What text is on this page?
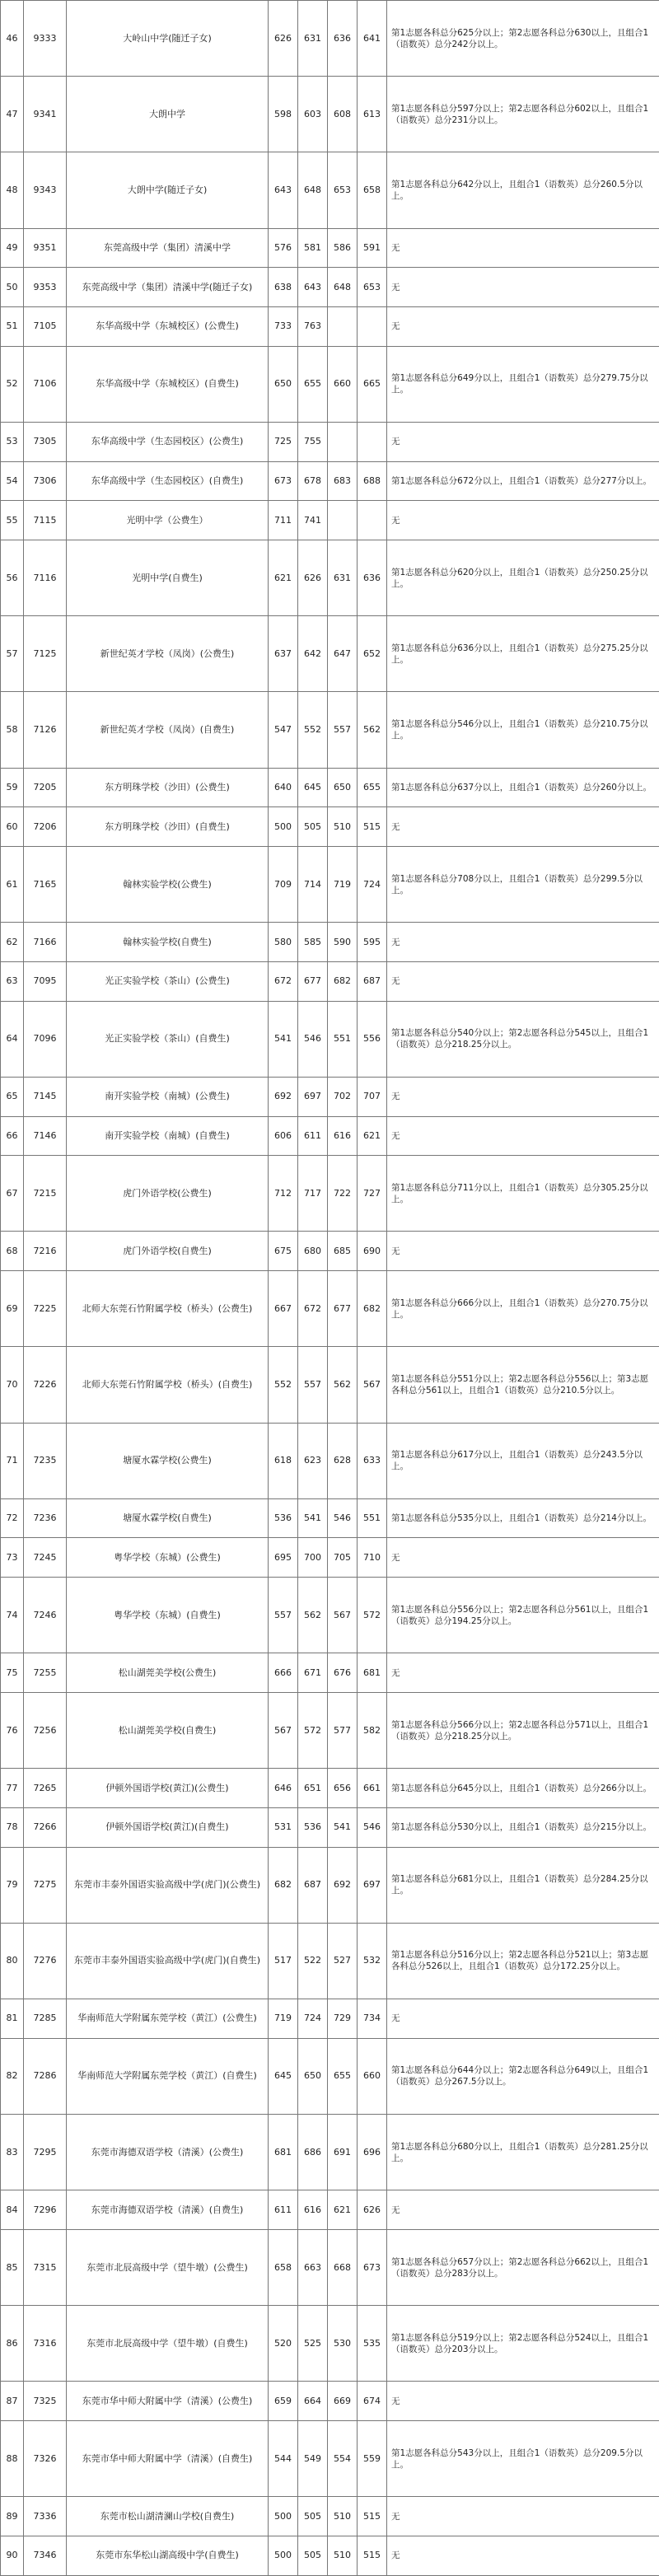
46	9333	大岭山中学(随迁子女)	626	631	636	641	第1志愿各科总分625分以上；第2志愿各科总分630以上，且组合1（语数英）总分242分以上。
47	9341	大朗中学	598	603	608	613	第1志愿各科总分597分以上；第2志愿各科总分602以上，且组合1（语数英）总分231分以上。
48	9343	大朗中学(随迁子女)	643	648	653	658	第1志愿各科总分642分以上，且组合1（语数英）总分260.5分以上。
49	9351	东莞高级中学（集团）清溪中学	576	581	586	591	无
50	9353	东莞高级中学（集团）清溪中学(随迁子女)	638	643	648	653	无
51	7105	东华高级中学（东城校区）(公费生)	733	763			无
52	7106	东华高级中学（东城校区）(自费生)	650	655	660	665	第1志愿各科总分649分以上，且组合1（语数英）总分279.75分以上。
53	7305	东华高级中学（生态园校区）(公费生)	725	755			无
54	7306	东华高级中学（生态园校区）(自费生)	673	678	683	688	第1志愿各科总分672分以上，且组合1（语数英）总分277分以上。
55	7115	光明中学（公费生）	711	741			无
56	7116	光明中学(自费生)	621	626	631	636	第1志愿各科总分620分以上，且组合1（语数英）总分250.25分以上。
57	7125	新世纪英才学校（凤岗）(公费生)	637	642	647	652	第1志愿各科总分636分以上，且组合1（语数英）总分275.25分以上。
58	7126	新世纪英才学校（凤岗）(自费生)	547	552	557	562	第1志愿各科总分546分以上，且组合1（语数英）总分210.75分以上。
59	7205	东方明珠学校（沙田）(公费生)	640	645	650	655	第1志愿各科总分637分以上，且组合1（语数英）总分260分以上。
60	7206	东方明珠学校（沙田）(自费生)	500	505	510	515	无
61	7165	翰林实验学校(公费生)	709	714	719	724	第1志愿各科总分708分以上，且组合1（语数英）总分299.5分以上。
62	7166	翰林实验学校(自费生)	580	585	590	595	无
63	7095	光正实验学校（茶山）(公费生)	672	677	682	687	无
64	7096	光正实验学校（茶山）(自费生)	541	546	551	556	第1志愿各科总分540分以上；第2志愿各科总分545以上，且组合1（语数英）总分218.25分以上。
65	7145	南开实验学校（南城）(公费生)	692	697	702	707	无
66	7146	南开实验学校（南城）(自费生)	606	611	616	621	无
67	7215	虎门外语学校(公费生)	712	717	722	727	第1志愿各科总分711分以上，且组合1（语数英）总分305.25分以上。
68	7216	虎门外语学校(自费生)	675	680	685	690	无
69	7225	北师大东莞石竹附属学校（桥头）(公费生)	667	672	677	682	第1志愿各科总分666分以上，且组合1（语数英）总分270.75分以上。
70	7226	北师大东莞石竹附属学校（桥头）(自费生)	552	557	562	567	第1志愿各科总分551分以上；第2志愿各科总分556以上；第3志愿各科总分561以上，且组合1（语数英）总分210.5分以上。
71	7235	塘厦水霖学校(公费生)	618	623	628	633	第1志愿各科总分617分以上，且组合1（语数英）总分243.5分以上。
72	7236	塘厦水霖学校(自费生)	536	541	546	551	第1志愿各科总分535分以上，且组合1（语数英）总分214分以上。
73	7245	粤华学校（东城）(公费生)	695	700	705	710	无
74	7246	粤华学校（东城）(自费生)	557	562	567	572	第1志愿各科总分556分以上；第2志愿各科总分561以上，且组合1（语数英）总分194.25分以上。
75	7255	松山湖莞美学校(公费生)	666	671	676	681	无
76	7256	松山湖莞美学校(自费生)	567	572	577	582	第1志愿各科总分566分以上；第2志愿各科总分571以上，且组合1（语数英）总分218.25分以上。
77	7265	伊顿外国语学校(黄江)(公费生)	646	651	656	661	第1志愿各科总分645分以上，且组合1（语数英）总分266分以上。
78	7266	伊顿外国语学校(黄江)(自费生)	531	536	541	546	第1志愿各科总分530分以上，且组合1（语数英）总分215分以上。
79	7275	东莞市丰泰外国语实验高级中学(虎门)(公费生)	682	687	692	697	第1志愿各科总分681分以上，且组合1（语数英）总分284.25分以上。
80	7276	东莞市丰泰外国语实验高级中学(虎门)(自费生)	517	522	527	532	第1志愿各科总分516分以上；第2志愿各科总分521以上；第3志愿各科总分526以上，且组合1（语数英）总分172.25分以上。
81	7285	华南师范大学附属东莞学校（黄江）(公费生)	719	724	729	734	无
82	7286	华南师范大学附属东莞学校（黄江）(自费生)	645	650	655	660	第1志愿各科总分644分以上；第2志愿各科总分649以上，且组合1（语数英）总分267.5分以上。
83	7295	东莞市海德双语学校（清溪）(公费生)	681	686	691	696	第1志愿各科总分680分以上，且组合1（语数英）总分281.25分以上。
84	7296	东莞市海德双语学校（清溪）(自费生)	611	616	621	626	无
85	7315	东莞市北辰高级中学（望牛墩）(公费生)	658	663	668	673	第1志愿各科总分657分以上；第2志愿各科总分662以上，且组合1（语数英）总分283分以上。
86	7316	东莞市北辰高级中学（望牛墩）(自费生)	520	525	530	535	第1志愿各科总分519分以上；第2志愿各科总分524以上，且组合1（语数英）总分203分以上。
87	7325	东莞市华中师大附属中学（清溪）(公费生)	659	664	669	674	无
88	7326	东莞市华中师大附属中学（清溪）(自费生)	544	549	554	559	第1志愿各科总分543分以上，且组合1（语数英）总分209.5分以上。
89	7336	东莞市松山湖清澜山学校(自费生)	500	505	510	515	无
90	7346	东莞市东华松山湖高级中学(自费生)	500	505	510	515	无
